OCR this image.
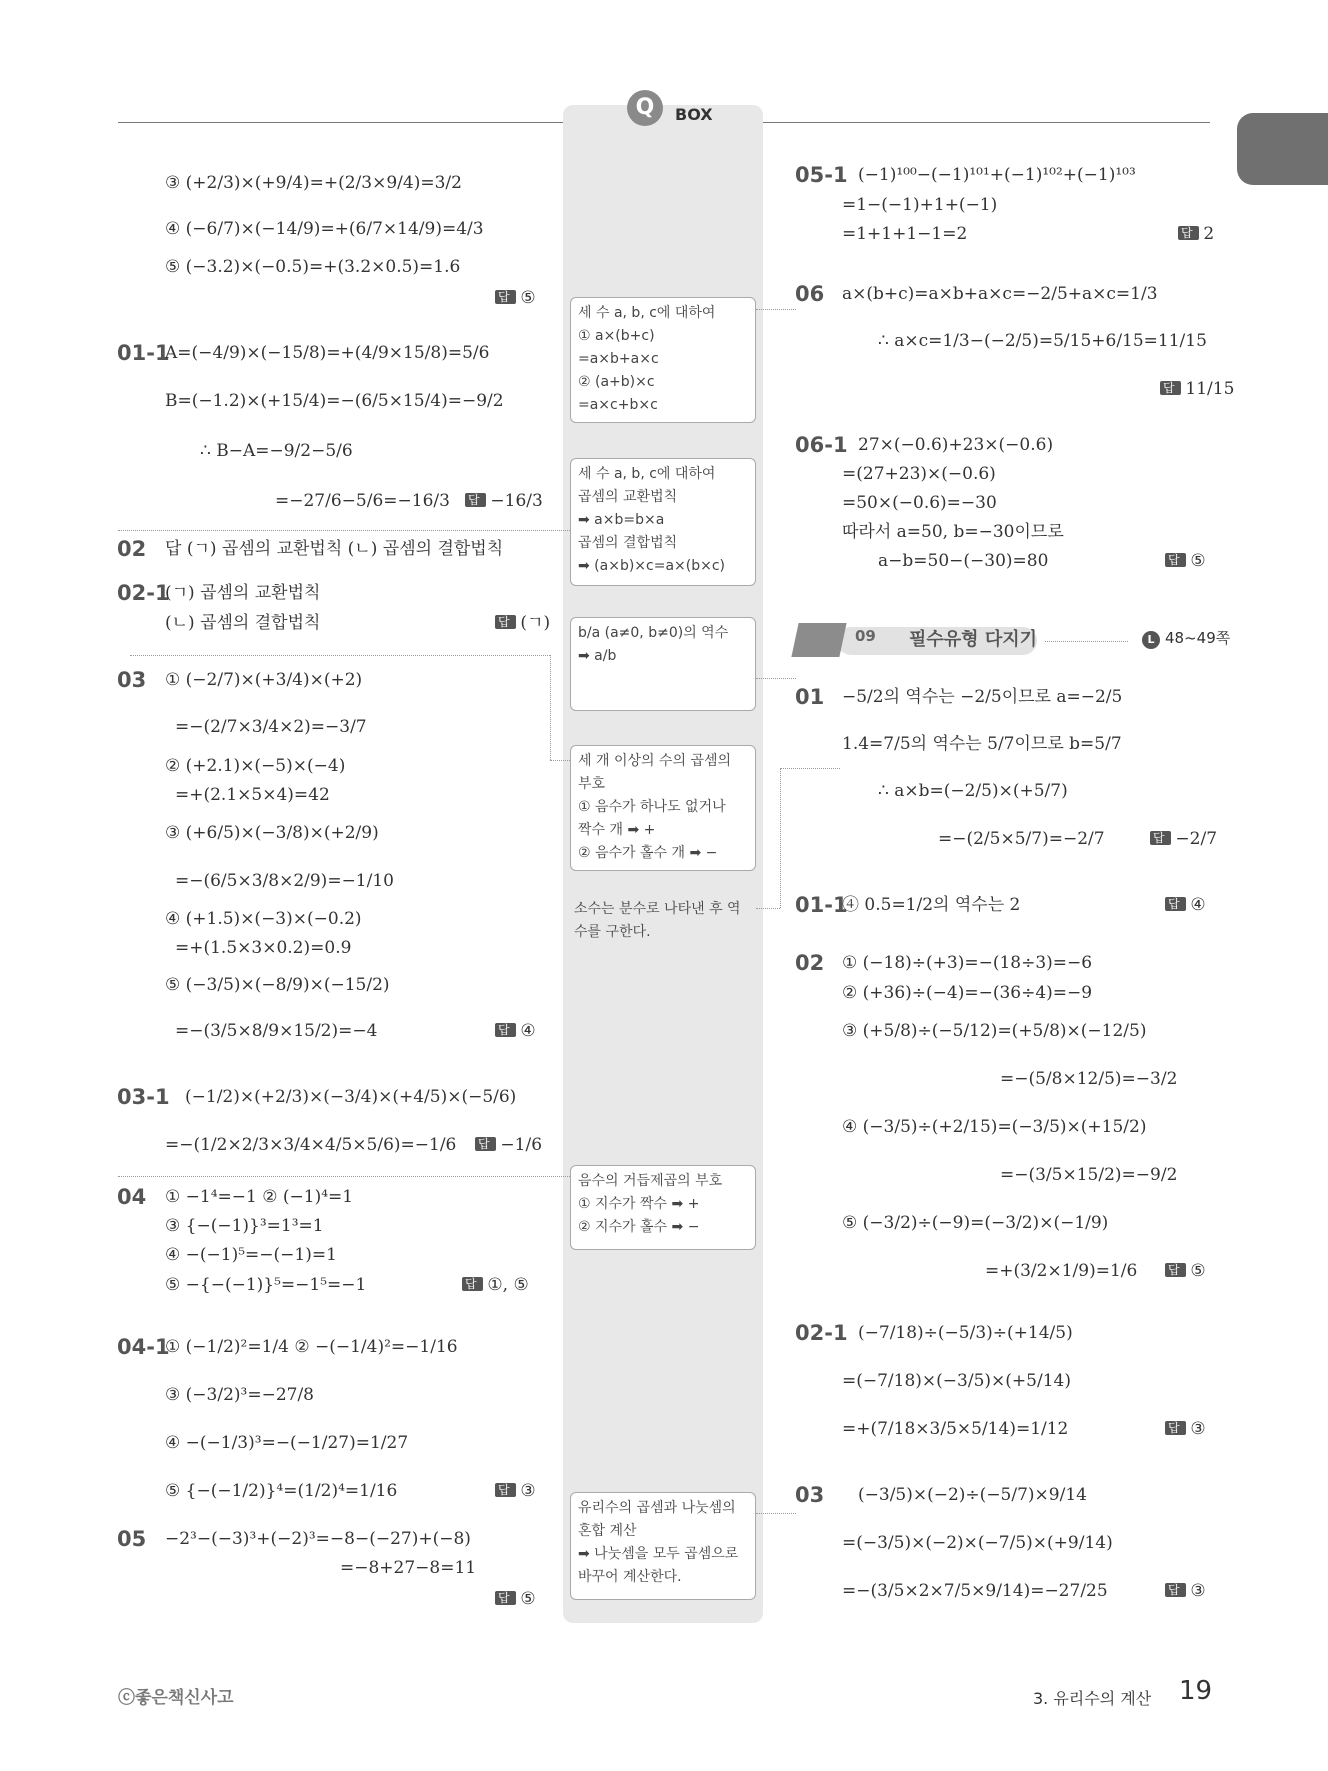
Q	BOX
③ (+2/3)×(+9/4)=+(2/3×9/4)=3/2
④ (−6/7)×(−14/9)=+(6/7×14/9)=4/3
⑤ (−3.2)×(−0.5)=+(3.2×0.5)=1.6
답 ⑤
01-1
A=(−4/9)×(−15/8)=+(4/9×15/8)=5/6
B=(−1.2)×(+15/4)=−(6/5×15/4)=−9/2
∴ B−A=−9/2−5/6
=−27/6−5/6=−16/3	답 −16/3
02 답 (ㄱ) 곱셈의 교환법칙 (ㄴ) 곱셈의 결합법칙
02-1
(ㄱ) 곱셈의 교환법칙
(ㄴ) 곱셈의 결합법칙	답 (ㄱ)
03 ① (−2/7)×(+3/4)×(+2)
=−(2/7×3/4×2)=−3/7
② (+2.1)×(−5)×(−4)
=+(2.1×5×4)=42
③ (+6/5)×(−3/8)×(+2/9)
=−(6/5×3/8×2/9)=−1/10
④ (+1.5)×(−3)×(−0.2)
=+(1.5×3×0.2)=0.9
⑤ (−3/5)×(−8/9)×(−15/2)
=−(3/5×8/9×15/2)=−4	답 ④
03-1 (−1/2)×(+2/3)×(−3/4)×(+4/5)×(−5/6)
=−(1/2×2/3×3/4×4/5×5/6)=−1/6	답 −1/6
04 ① −1⁴=−1 ② (−1)⁴=1
③ {−(−1)}³=1³=1
④ −(−1)⁵=−(−1)=1
⑤ −{−(−1)}⁵=−1⁵=−1	답 ①, ⑤
04-1
① (−1/2)²=1/4 ② −(−1/4)²=−1/16
③ (−3/2)³=−27/8
④ −(−1/3)³=−(−1/27)=1/27
⑤ {−(−1/2)}⁴=(1/2)⁴=1/16	답 ③
05 −2³−(−3)³+(−2)³=−8−(−27)+(−8)
=−8+27−8=11
답 ⑤
세 수 a, b, c에 대하여
① a×(b+c)
=a×b+a×c
② (a+b)×c
=a×c+b×c
세 수 a, b, c에 대하여
곱셈의 교환법칙
➡ a×b=b×a
곱셈의 결합법칙
➡ (a×b)×c=a×(b×c)
b/a (a≠0, b≠0)의 역수
➡ a/b
세 개 이상의 수의 곱셈의
부호
① 음수가 하나도 없거나
짝수 개 ➡ +
② 음수가 홀수 개 ➡ −
소수는 분수로 나타낸 후 역
수를 구한다.
음수의 거듭제곱의 부호
① 지수가 짝수 ➡ +
② 지수가 홀수 ➡ −
유리수의 곱셈과 나눗셈의
혼합 계산
➡ 나눗셈을 모두 곱셈으로
바꾸어 계산한다.
05-1 (−1)¹⁰⁰−(−1)¹⁰¹+(−1)¹⁰²+(−1)¹⁰³
=1−(−1)+1+(−1)
=1+1+1−1=2	답 2
06 a×(b+c)=a×b+a×c=−2/5+a×c=1/3
∴ a×c=1/3−(−2/5)=5/15+6/15=11/15
답 11/15
06-1 27×(−0.6)+23×(−0.6)
=(27+23)×(−0.6)
=50×(−0.6)=−30
따라서 a=50, b=−30이므로
a−b=50−(−30)=80	답 ⑤
09 필수유형 다지기	L 48~49쪽
01 −5/2의 역수는 −2/5이므로 a=−2/5
1.4=7/5의 역수는 5/7이므로 b=5/7
∴ a×b=(−2/5)×(+5/7)
=−(2/5×5/7)=−2/7	답 −2/7
01-1
④ 0.5=1/2의 역수는 2	답 ④
02 ① (−18)÷(+3)=−(18÷3)=−6
② (+36)÷(−4)=−(36÷4)=−9
③ (+5/8)÷(−5/12)=(+5/8)×(−12/5)
=−(5/8×12/5)=−3/2
④ (−3/5)÷(+2/15)=(−3/5)×(+15/2)
=−(3/5×15/2)=−9/2
⑤ (−3/2)÷(−9)=(−3/2)×(−1/9)
=+(3/2×1/9)=1/6	답 ⑤
02-1 (−7/18)÷(−5/3)÷(+14/5)
=(−7/18)×(−3/5)×(+5/14)
=+(7/18×3/5×5/14)=1/12	답 ③
03 (−3/5)×(−2)÷(−5/7)×9/14
=(−3/5)×(−2)×(−7/5)×(+9/14)
=−(3/5×2×7/5×9/14)=−27/25	답 ③
ⓒ좋은책신사고	3. 유리수의 계산 19
